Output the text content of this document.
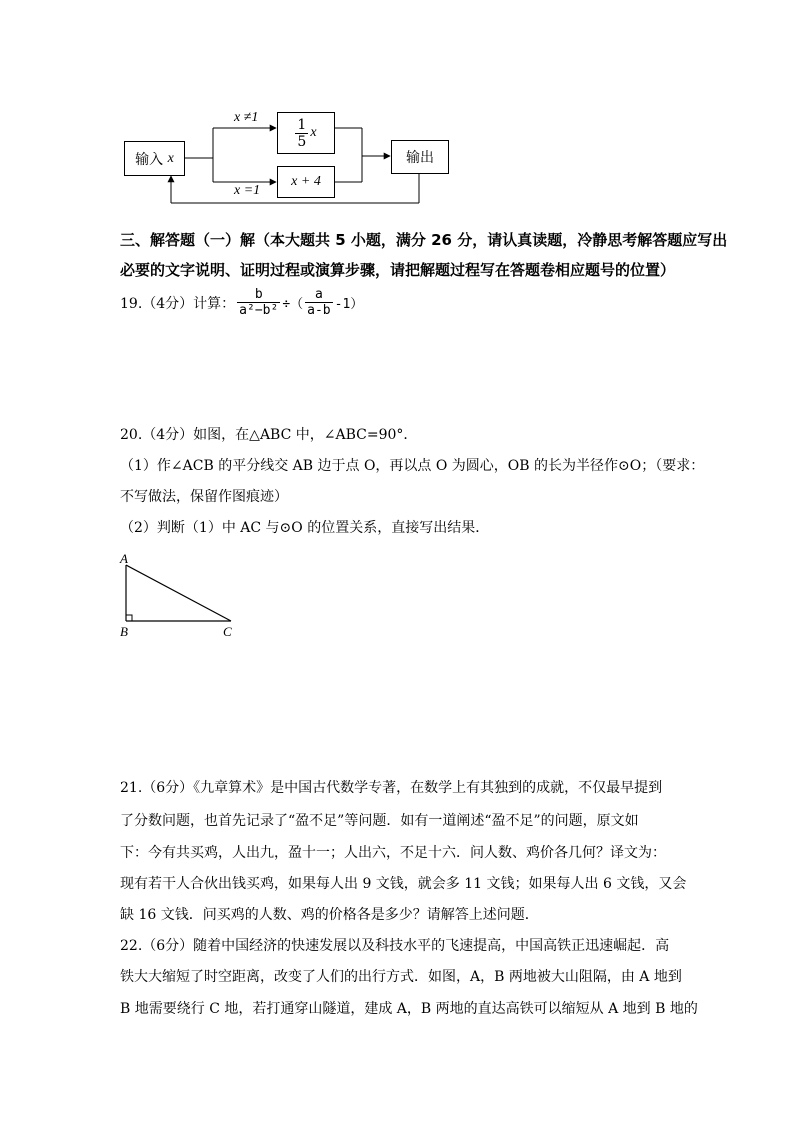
输入
x
x ≠1
x =1
$\frac{1}{5}$ x
x + 4
输出
三、解答题（一）解（本大题共 5 小题，满分 26 分，请认真读题，冷静思考解答题应写出
必要的文字说明、证明过程或演算步骤，请把解题过程写在答题卷相应题号的位置）
19.（4分）计算： $\frac{b}{\text{a²−b²}}$ ÷（ $\frac{a}{a-b} -1$）
20.（4分）如图，在△ABC 中，∠ABC=90°．
（1）作∠ACB 的平分线交 AB 边于点 O，再以点 O 为圆心，OB 的长为半径作⊙O；（要求：
不写做法，保留作图痕迹）
（2）判断（1）中 AC 与⊙O 的位置关系，直接写出结果．
A
B	C
21.（6分）《九章算术》是中国古代数学专著，在数学上有其独到的成就，不仅最早提到
了分数问题，也首先记录了“盈不足”等问题．如有一道阐述“盈不足”的问题，原文如
下：今有共买鸡，人出九，盈十一；人出六，不足十六．问人数、鸡价各几何？译文为：
现有若干人合伙出钱买鸡，如果每人出 9 文钱，就会多 11 文钱；如果每人出 6 文钱，又会
缺 16 文钱．问买鸡的人数、鸡的价格各是多少？请解答上述问题．
22.（6分）随着中国经济的快速发展以及科技水平的飞速提高，中国高铁正迅速崛起．高
铁大大缩短了时空距离，改变了人们的出行方式．如图，A，B 两地被大山阻隔，由 A 地到
B 地需要绕行 C 地，若打通穿山隧道，建成 A，B 两地的直达高铁可以缩短从 A 地到 B 地的
